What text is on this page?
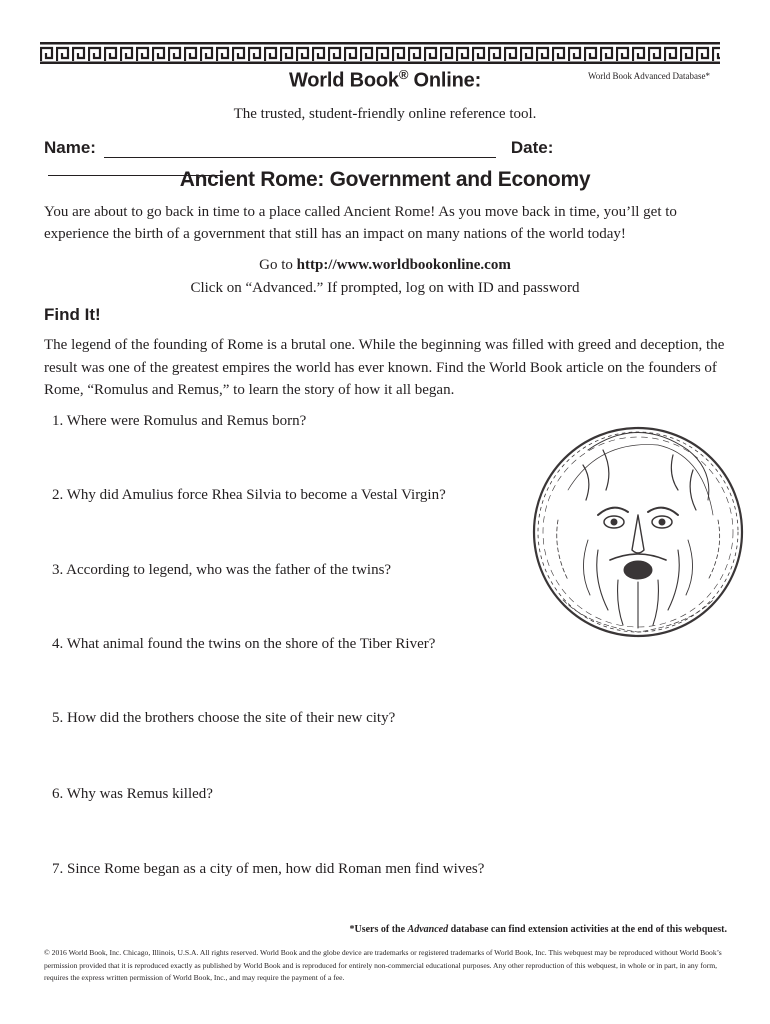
World Book® Online:	World Book Advanced Database*
The trusted, student-friendly online reference tool.
Name:	Date:
Ancient Rome: Government and Economy
You are about to go back in time to a place called Ancient Rome! As you move back in time, you’ll get to experience the birth of a government that still has an impact on many nations of the world today!
Go to http://www.worldbookonline.com
Click on “Advanced.” If prompted, log on with ID and password
Find It!
The legend of the founding of Rome is a brutal one. While the beginning was filled with greed and deception, the result was one of the greatest empires the world has ever known. Find the World Book article on the founders of Rome, “Romulus and Remus,” to learn the story of how it all began.
1. Where were Romulus and Remus born?
2. Why did Amulius force Rhea Silvia to become a Vestal Virgin?
3. According to legend, who was the father of the twins?
4. What animal found the twins on the shore of the Tiber River?
5. How did the brothers choose the site of their new city?
6. Why was Remus killed?
7. Since Rome began as a city of men, how did Roman men find wives?
*Users of the Advanced database can find extension activities at the end of this webquest.
© 2016 World Book, Inc. Chicago, Illinois, U.S.A. All rights reserved. World Book and the globe device are trademarks or registered trademarks of World Book, Inc. This webquest may be reproduced without World Book’s permission provided that it is reproduced exactly as published by World Book and is reproduced for entirely non-commercial educational purposes. Any other reproduction of this webquest, in whole or in part, in any form, requires the express written permission of World Book, Inc., and may require the payment of a fee.
